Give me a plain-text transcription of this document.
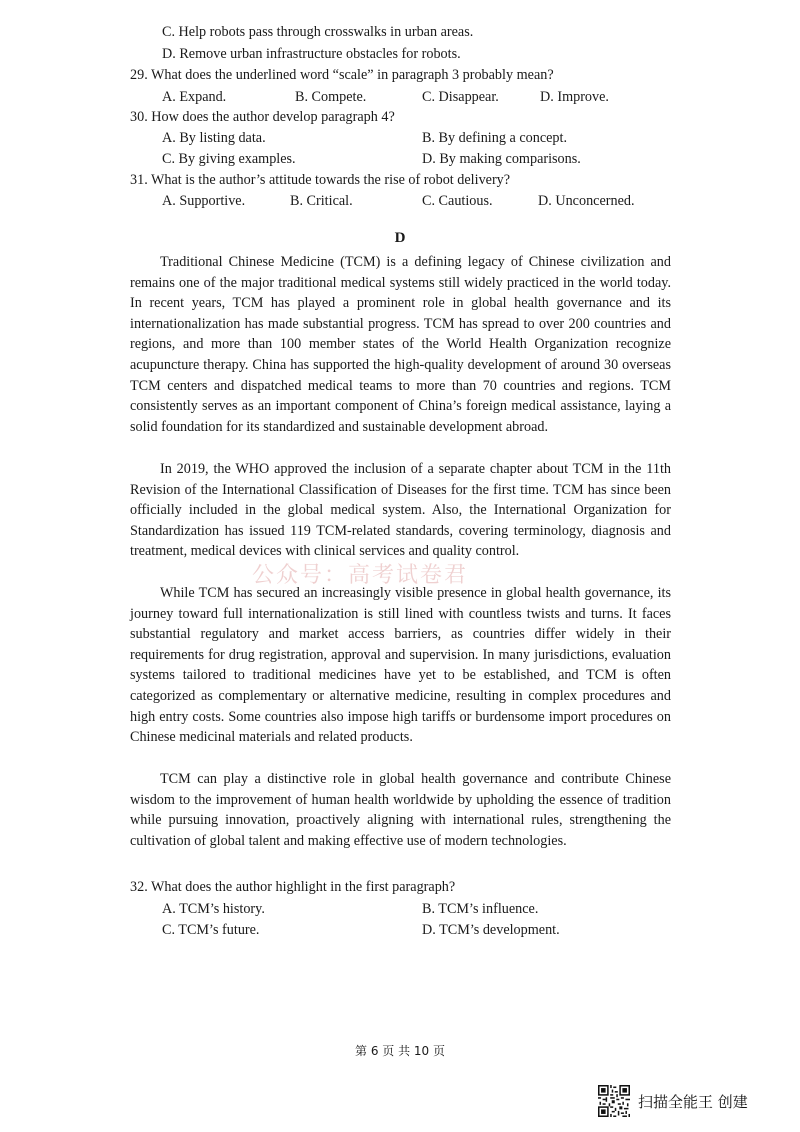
C. Help robots pass through crosswalks in urban areas.
D. Remove urban infrastructure obstacles for robots.
29. What does the underlined word “scale” in paragraph 3 probably mean?
A. Expand.	B. Compete.	C. Disappear.	D. Improve.
30. How does the author develop paragraph 4?
A. By listing data.	B. By defining a concept.
C. By giving examples.	D. By making comparisons.
31. What is the author’s attitude towards the rise of robot delivery?
A. Supportive.	B. Critical.	C. Cautious.	D. Unconcerned.
D

Traditional Chinese Medicine (TCM) is a defining legacy of Chinese civilization and remains one of the major traditional medical systems still widely practiced in the world today. In recent years, TCM has played a prominent role in global health governance and its internationalization has made substantial progress. TCM has spread to over 200 countries and regions, and more than 100 member states of the World Health Organization recognize acupuncture therapy. China has supported the high-quality development of around 30 overseas TCM centers and dispatched medical teams to more than 70 countries and regions. TCM consistently serves as an important component of China’s foreign medical assistance, laying a solid foundation for its standardized and sustainable development abroad.

In 2019, the WHO approved the inclusion of a separate chapter about TCM in the 11th Revision of the International Classification of Diseases for the first time. TCM has since been officially included in the global medical system. Also, the International Organization for Standardization has issued 119 TCM-related standards, covering terminology, diagnosis and treatment, medical devices with clinical services and quality control.

While TCM has secured an increasingly visible presence in global health governance, its journey toward full internationalization is still lined with countless twists and turns. It faces substantial regulatory and market access barriers, as countries differ widely in their requirements for drug registration, approval and supervision. In many jurisdictions, evaluation systems tailored to traditional medicines have yet to be established, and TCM is often categorized as complementary or alternative medicine, resulting in complex procedures and high entry costs. Some countries also impose high tariffs or burdensome import procedures on Chinese medicinal materials and related products.

TCM can play a distinctive role in global health governance and contribute Chinese wisdom to the improvement of human health worldwide by upholding the essence of tradition while pursuing innovation, proactively aligning with international rules, strengthening the cultivation of global talent and making effective use of modern technologies.

公众号：高考试卷君
32. What does the author highlight in the first paragraph?
A. TCM’s history.	B. TCM’s influence.
C. TCM’s future.	D. TCM’s development.
第 6 页 共 10 页
扫描全能王 创建
